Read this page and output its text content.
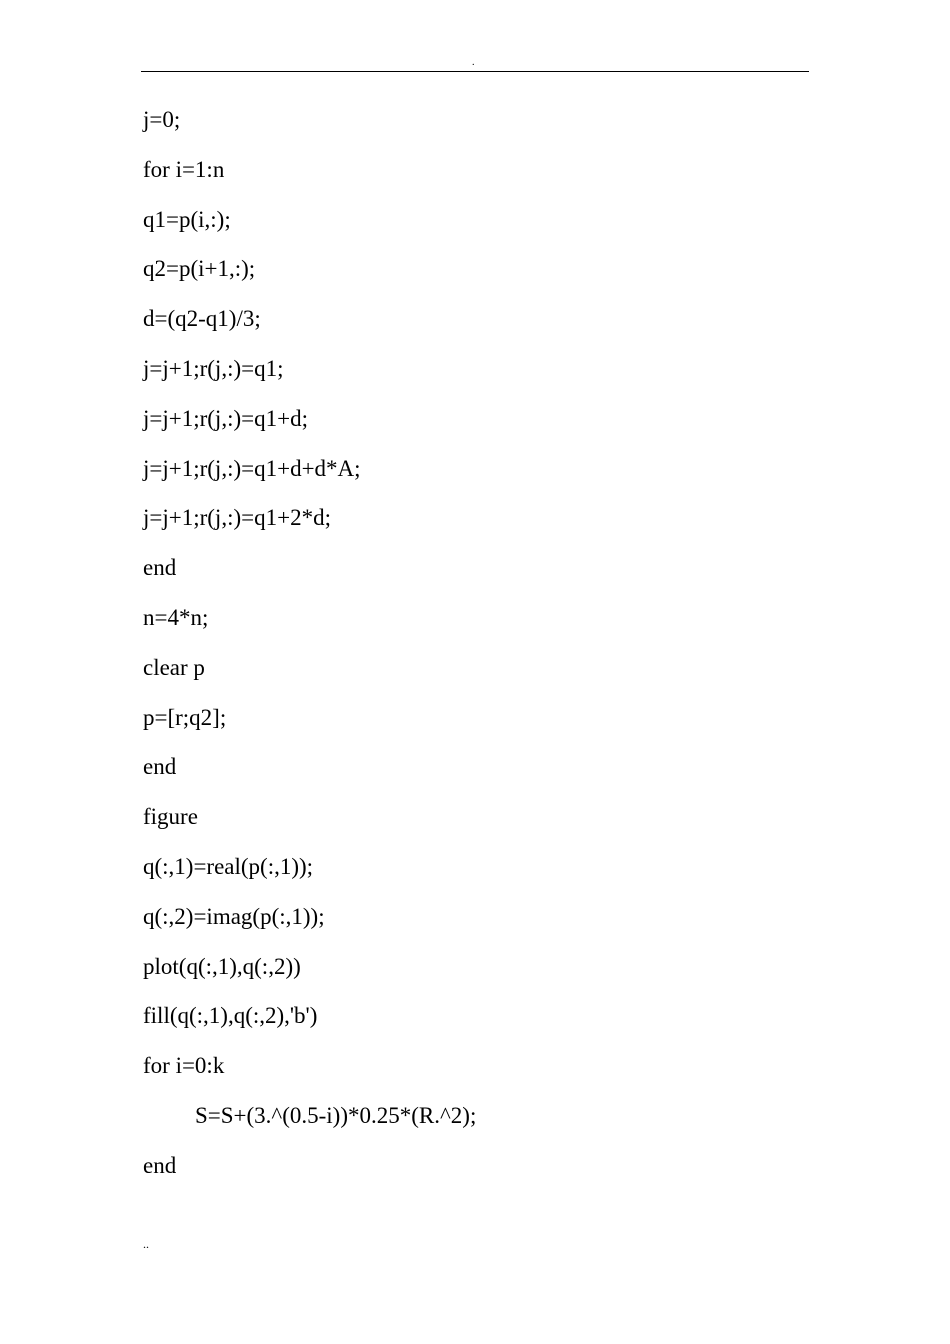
.
j=0;
for i=1:n
q1=p(i,:);
q2=p(i+1,:);
d=(q2-q1)/3;
j=j+1;r(j,:)=q1;
j=j+1;r(j,:)=q1+d;
j=j+1;r(j,:)=q1+d+d*A;
j=j+1;r(j,:)=q1+2*d;
end
n=4*n;
clear p
p=[r;q2];
end
figure
q(:,1)=real(p(:,1));
q(:,2)=imag(p(:,1));
plot(q(:,1),q(:,2))
fill(q(:,1),q(:,2),'b')
for i=0:k
S=S+(3.^(0.5-i))*0.25*(R.^2);
end
..
